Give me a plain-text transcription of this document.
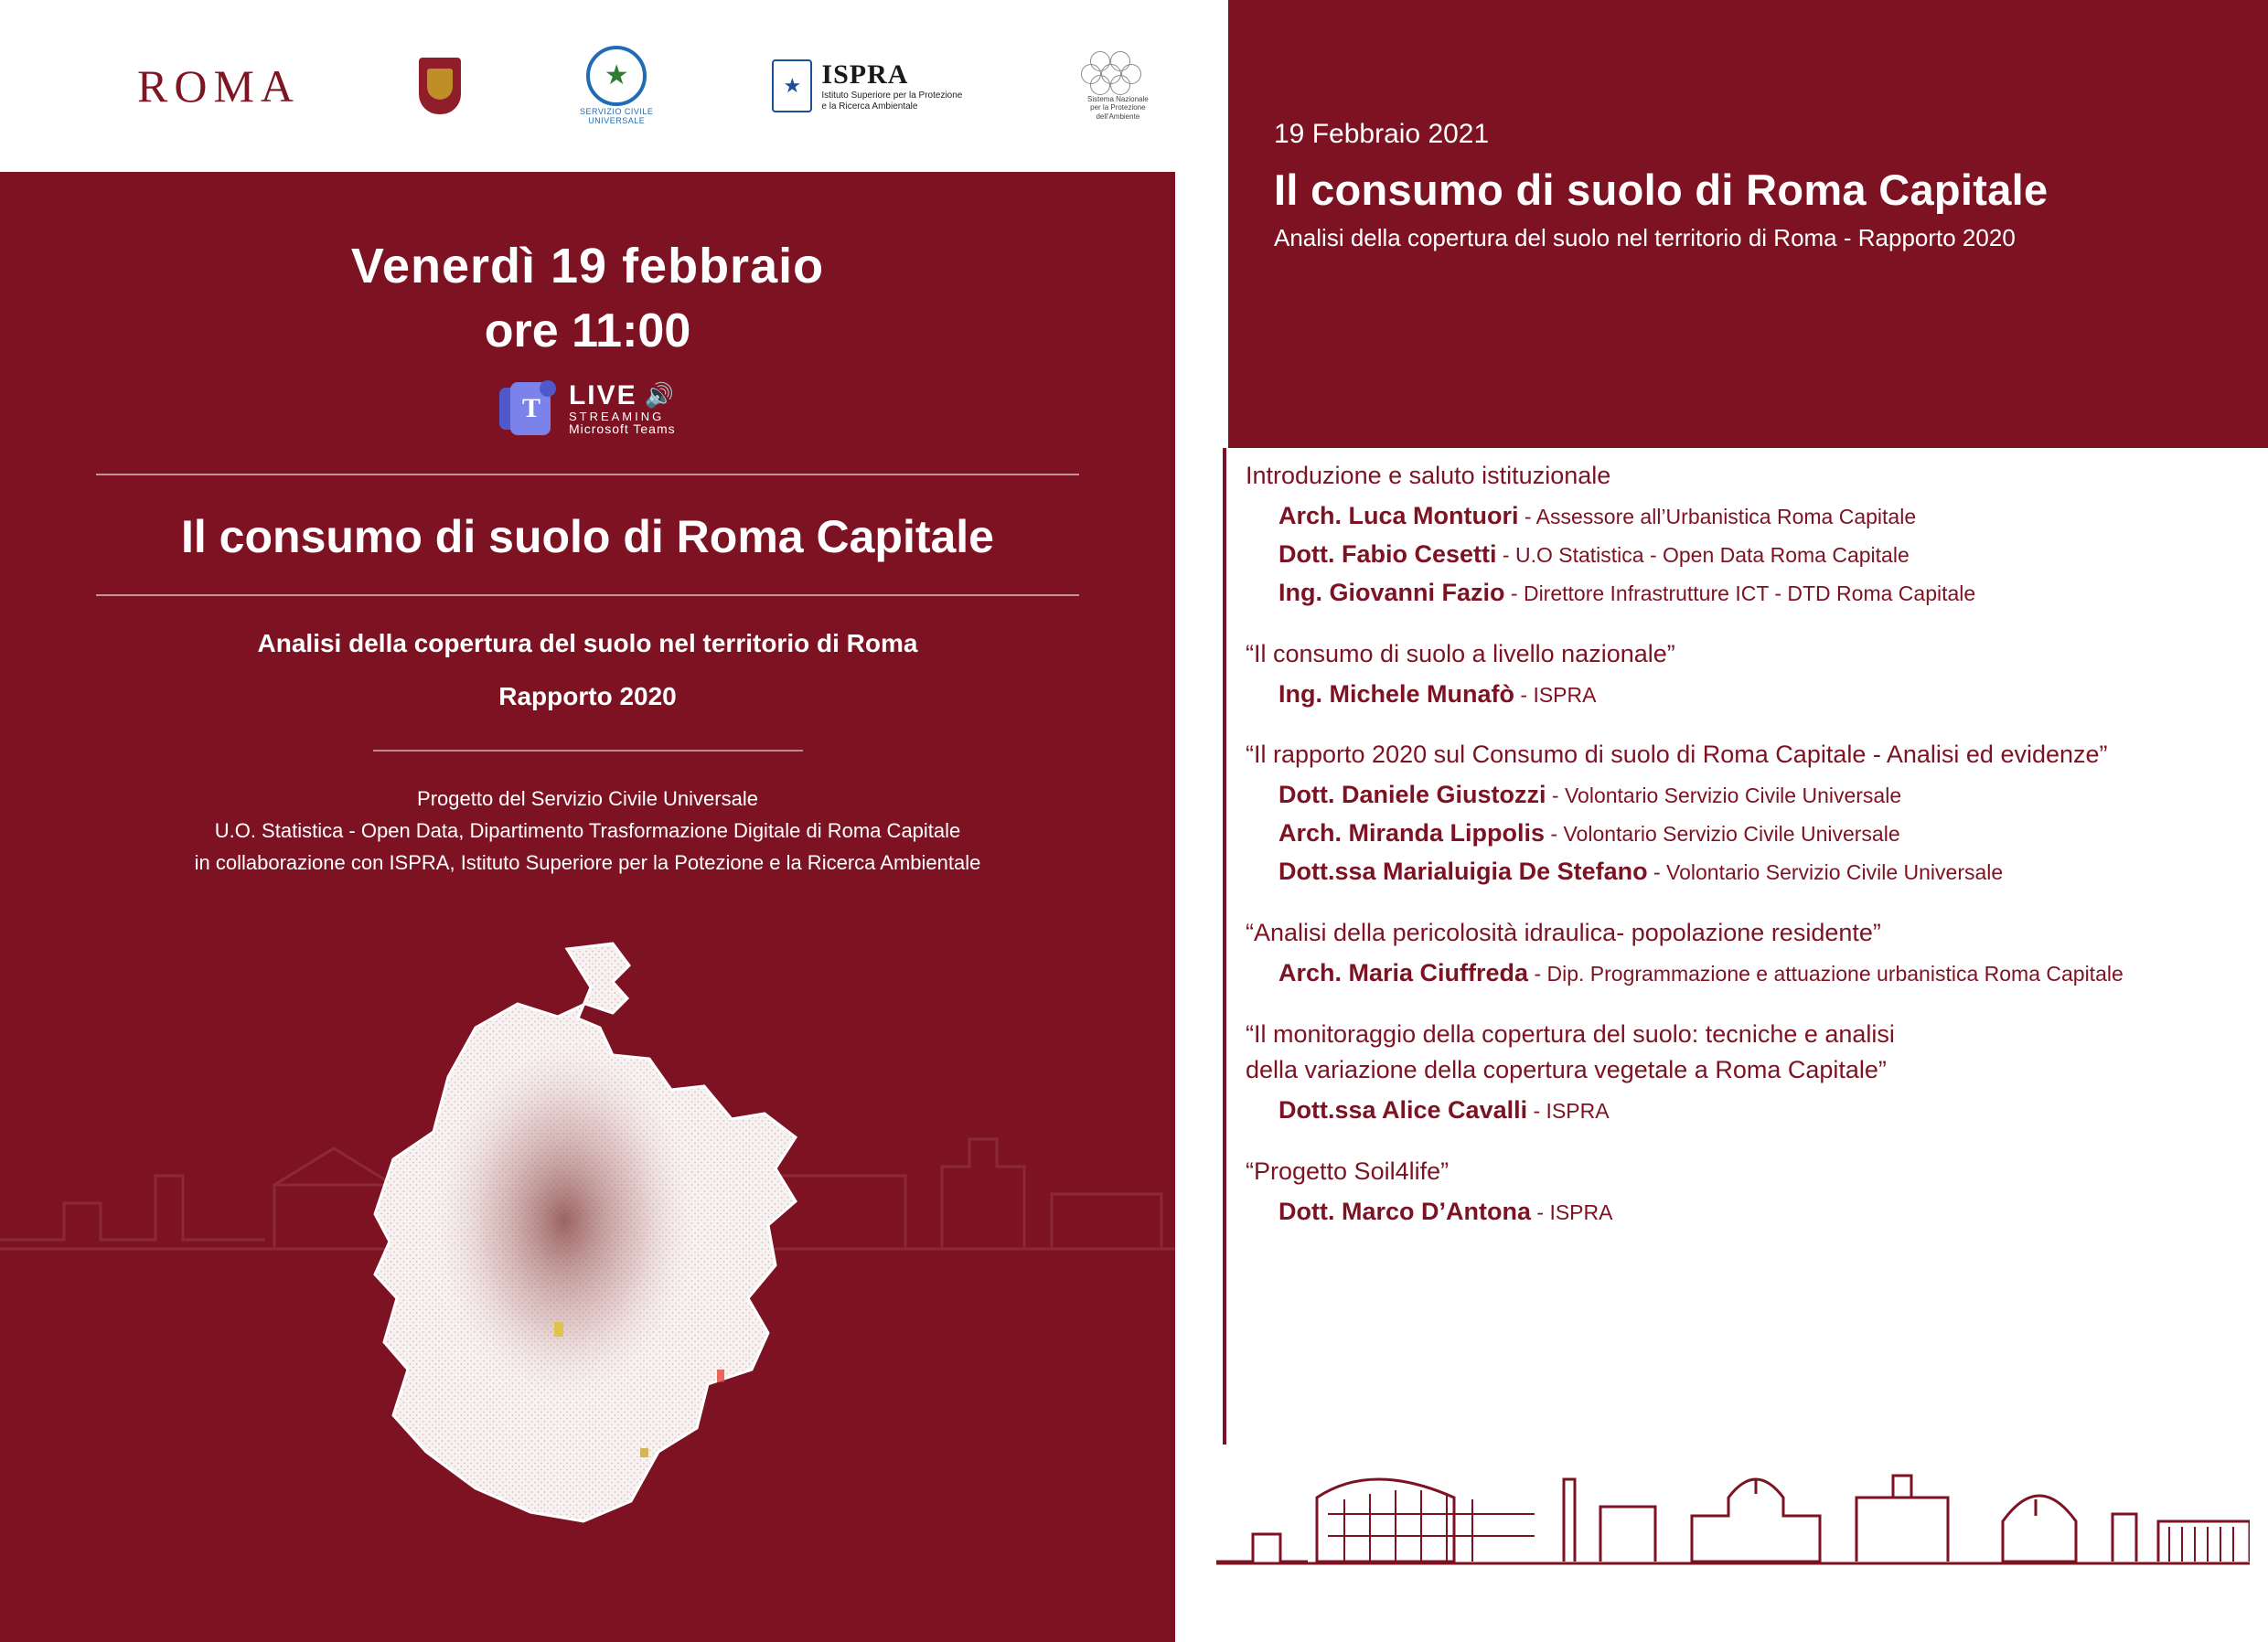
ROMA
★
SERVIZIO CIVILE
UNIVERSALE
★
ISPRA
Istituto Superiore per la Protezione
e la Ricerca Ambientale
Sistema Nazionale
per la Protezione
dell'Ambiente
Venerdì 19 febbraio
ore 11:00
T LIVE 🔊
STREAMING
Microsoft Teams
Il consumo di suolo di Roma Capitale
Analisi della copertura del suolo nel territorio di Roma
Rapporto 2020
Progetto del Servizio Civile Universale
U.O. Statistica - Open Data, Dipartimento Trasformazione Digitale di Roma Capitale
in collaborazione con ISPRA, Istituto Superiore per la Potezione e la Ricerca Ambientale
19 Febbraio 2021
Il consumo di suolo di Roma Capitale
Analisi della copertura del suolo nel territorio di Roma - Rapporto 2020
Programma
Introduzione e saluto istituzionale
Arch. Luca Montuori - Assessore all’Urbanistica Roma Capitale
Dott. Fabio Cesetti - U.O Statistica - Open Data Roma Capitale
Ing. Giovanni Fazio - Direttore Infrastrutture ICT - DTD Roma Capitale
“Il consumo di suolo a livello nazionale”
Ing. Michele Munafò - ISPRA
“Il rapporto 2020 sul Consumo di suolo di Roma Capitale - Analisi ed evidenze”
Dott. Daniele Giustozzi - Volontario Servizio Civile Universale
Arch. Miranda Lippolis - Volontario Servizio Civile Universale
Dott.ssa Marialuigia De Stefano - Volontario Servizio Civile Universale
“Analisi della pericolosità idraulica- popolazione residente”
Arch. Maria Ciuffreda - Dip. Programmazione e attuazione urbanistica Roma Capitale
“Il monitoraggio della copertura del suolo: tecniche e analisi
della variazione della copertura vegetale a Roma Capitale”
Dott.ssa Alice Cavalli - ISPRA
“Progetto Soil4life”
Dott. Marco D’Antona - ISPRA
